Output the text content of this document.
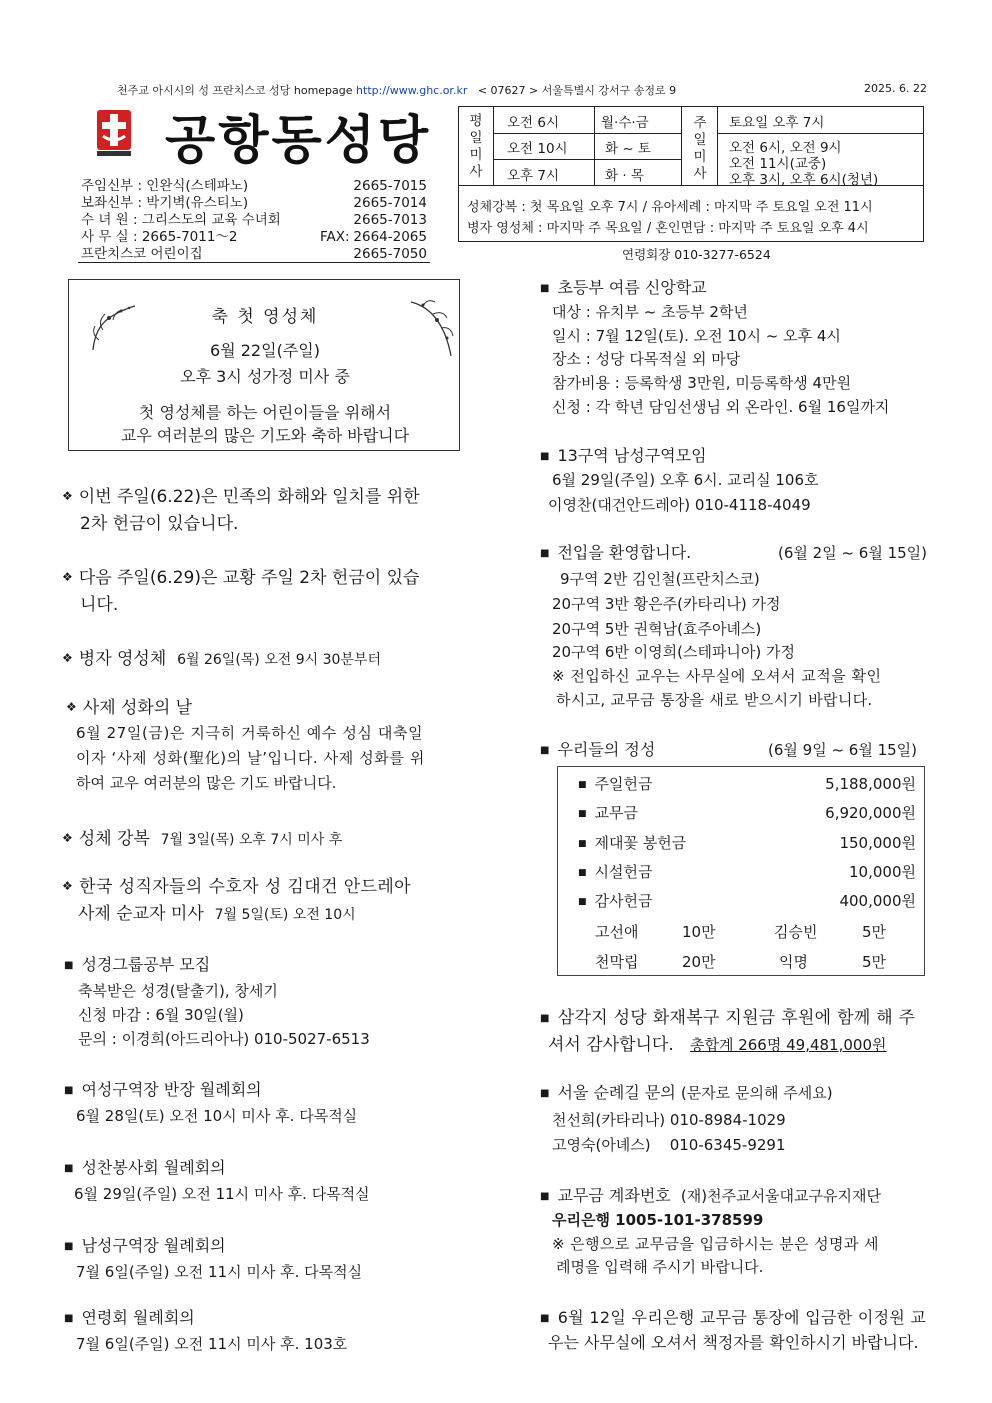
천주교 아시시의 성 프란치스코 성당 homepage http://www.ghc.or.kr < 07627 > 서울특별시 강서구 송정로 9	2025. 6. 22
공항동성당
주임신부 : 인완식(스테파노)	2665-7015
보좌신부 : 박기벽(유스티노)	2665-7014
수 녀 원 : 그리스도의 교육 수녀회	2665-7013
사 무 실 : 2665-7011～2	FAX: 2664-2065
프란치스코 어린이집	2665-7050
평
일
미
사
오전 6시	월·수·금
오전 10시	화 ~ 토
오후 7시	화 · 목
주
일
미
사
토요일 오후 7시
오전 6시, 오전 9시
오전 11시(교중)
오후 3시, 오후 6시(청년)
성체강복 : 첫 목요일 오후 7시 / 유아세례 : 마지막 주 토요일 오전 11시
병자 영성체 : 마지막 주 목요일 / 혼인면담 : 마지막 주 토요일 오후 4시
연령회장 010-3277-6524
축 첫 영성체
6월 22일(주일)
오후 3시 성가정 미사 중
첫 영성체를 하는 어린이들을 위해서
교우 여러분의 많은 기도와 축하 바랍니다
❖ 이번 주일(6.22)은 민족의 화해와 일치를 위한
2차 헌금이 있습니다.
❖ 다음 주일(6.29)은 교황 주일 2차 헌금이 있습
니다.
❖ 병자 영성체 6월 26일(목) 오전 9시 30분부터
❖ 사제 성화의 날
6월 27일(금)은 지극히 거룩하신 예수 성심 대축일
이자 ‘사제 성화(聖化)의 날’입니다. 사제 성화를 위
하여 교우 여러분의 많은 기도 바랍니다.
❖ 성체 강복 7월 3일(목) 오후 7시 미사 후
❖ 한국 성직자들의 수호자 성 김대건 안드레아
사제 순교자 미사 7월 5일(토) 오전 10시
■ 성경그룹공부 모집
축복받은 성경(탈출기), 창세기
신청 마감 : 6월 30일(월)
문의 : 이경희(아드리아나) 010-5027-6513
■ 여성구역장 반장 월례회의
6월 28일(토) 오전 10시 미사 후. 다목적실
■ 성찬봉사회 월례회의
6월 29일(주일) 오전 11시 미사 후. 다목적실
■ 남성구역장 월례회의
7월 6일(주일) 오전 11시 미사 후. 다목적실
■ 연령회 월례회의
7월 6일(주일) 오전 11시 미사 후. 103호
■ 초등부 여름 신앙학교
대상 : 유치부 ~ 초등부 2학년
일시 : 7월 12일(토). 오전 10시 ~ 오후 4시
장소 : 성당 다목적실 외 마당
참가비용 : 등록학생 3만원, 미등록학생 4만원
신청 : 각 학년 담임선생님 외 온라인. 6월 16일까지
■ 13구역 남성구역모임
6월 29일(주일) 오후 6시. 교리실 106호
이영찬(대건안드레아) 010-4118-4049
■ 전입을 환영합니다.	(6월 2일 ~ 6월 15일)
9구역 2반 김인철(프란치스코)
20구역 3반 황은주(카타리나) 가정
20구역 5반 권혁남(효주아녜스)
20구역 6반 이영희(스테파니아) 가정
※ 전입하신 교우는 사무실에 오셔서 교적을 확인
하시고, 교무금 통장을 새로 받으시기 바랍니다.
■ 우리들의 정성	(6월 9일 ~ 6월 15일)
■ 주일헌금	5,188,000원
■ 교무금	6,920,000원
■ 제대꽃 봉헌금	150,000원
■ 시설헌금	10,000원
■ 감사헌금	400,000원
고선애	10만	김승빈	5만
천막립	20만	익명	5만
■ 삼각지 성당 화재복구 지원금 후원에 함께 해 주
셔서 감사합니다. 총합계 266명 49,481,000원
■ 서울 순례길 문의 (문자로 문의해 주세요)
천선희(카타리나) 010-8984-1029
고영숙(아녜스)    010-6345-9291
■ 교무금 계좌번호 (재)천주교서울대교구유지재단
우리은행 1005-101-378599
※ 은행으로 교무금을 입금하시는 분은 성명과 세
례명을 입력해 주시기 바랍니다.
■ 6월 12일 우리은행 교무금 통장에 입금한 이정원 교
우는 사무실에 오셔서 책정자를 확인하시기 바랍니다.
